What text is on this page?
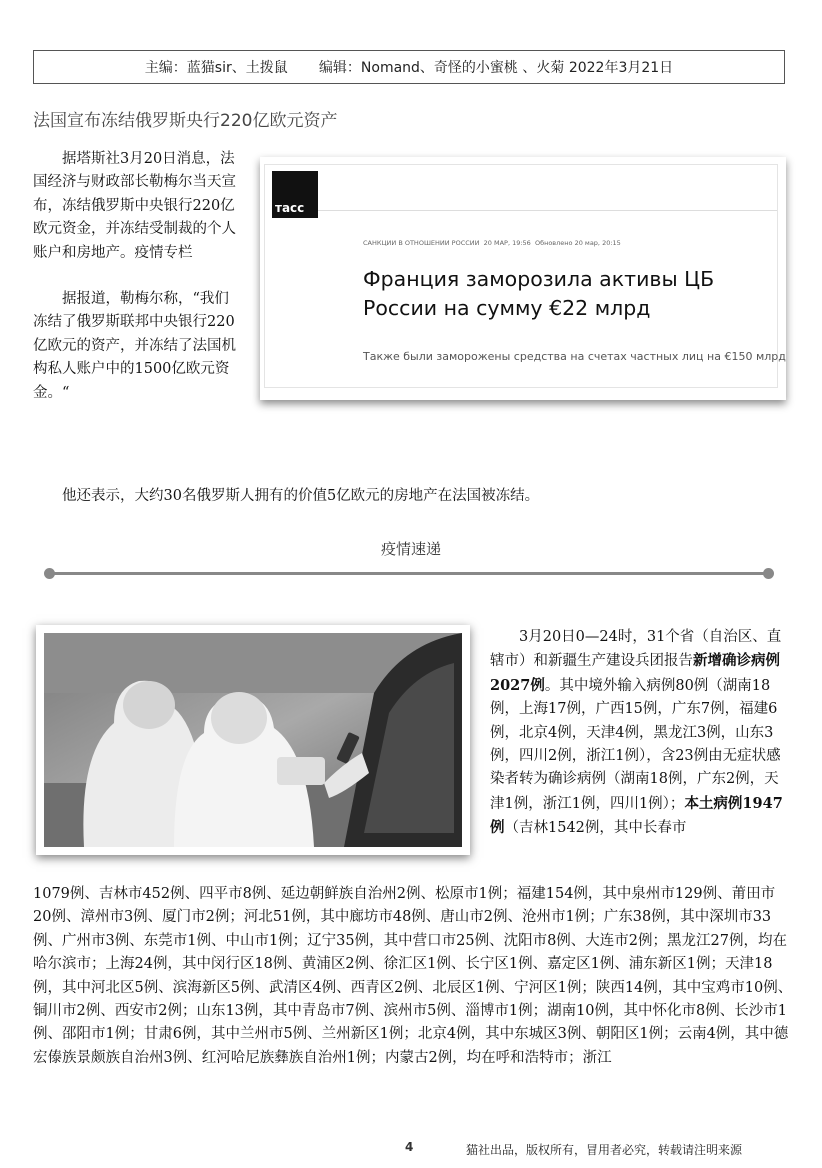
主编：蓝猫sir、土拨鼠
编辑：Nomand、奇怪的小蜜桃 、火菊
2022年3月21日
法国宣布冻结俄罗斯央行220亿欧元资产

据塔斯社3月20日消息，法国经济与财政部长勒梅尔当天宣布，冻结俄罗斯中央银行220亿欧元资金，并冻结受制裁的个人账户和房地产。疫情专栏

据报道，勒梅尔称，“我们冻结了俄罗斯联邦中央银行220亿欧元的资产，并冻结了法国机构私人账户中的1500亿欧元资金。“

тасс
САНКЦИИ В ОТНОШЕНИИ РОССИИ  20 МАР, 19:56  Обновлено 20 мар, 20:15
Франция заморозила активы ЦБ России на сумму €22 млрд
Также были заморожены средства на счетах частных лиц на €150 млрд
他还表示，大约30名俄罗斯人拥有的价值5亿欧元的房地产在法国被冻结。
疫情速递

3月20日0—24时，31个省（自治区、直辖市）和新疆生产建设兵团报告新增确诊病例2027例。其中境外输入病例80例（湖南18例，上海17例，广西15例，广东7例，福建6例，北京4例，天津4例，黑龙江3例，山东3例，四川2例，浙江1例），含23例由无症状感染者转为确诊病例（湖南18例，广东2例，天津1例，浙江1例，四川1例）；本土病例1947例（吉林1542例，其中长春市

1079例、吉林市452例、四平市8例、延边朝鲜族自治州2例、松原市1例；福建154例，其中泉州市129例、莆田市20例、漳州市3例、厦门市2例；河北51例，其中廊坊市48例、唐山市2例、沧州市1例；广东38例，其中深圳市33例、广州市3例、东莞市1例、中山市1例；辽宁35例，其中营口市25例、沈阳市8例、大连市2例；黑龙江27例，均在哈尔滨市；上海24例，其中闵行区18例、黄浦区2例、徐汇区1例、长宁区1例、嘉定区1例、浦东新区1例；天津18例，其中河北区5例、滨海新区5例、武清区4例、西青区2例、北辰区1例、宁河区1例；陕西14例，其中宝鸡市10例、铜川市2例、西安市2例；山东13例，其中青岛市7例、滨州市5例、淄博市1例；湖南10例，其中怀化市8例、长沙市1例、邵阳市1例；甘肃6例，其中兰州市5例、兰州新区1例；北京4例，其中东城区3例、朝阳区1例；云南4例，其中德宏傣族景颇族自治州3例、红河哈尼族彝族自治州1例；内蒙古2例，均在呼和浩特市；浙江

4	猫社出品，版权所有，冒用者必究，转载请注明来源
